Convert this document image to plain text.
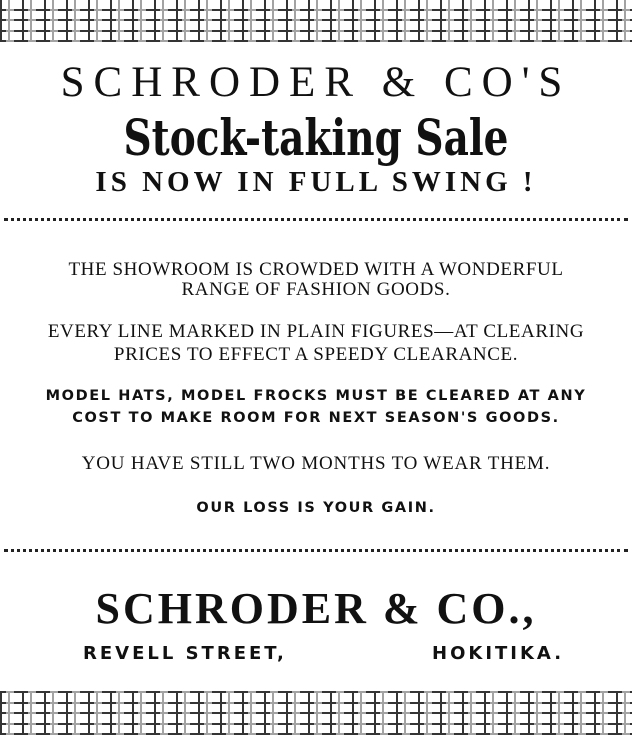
SCHRODER & CO'S
Stock-taking Sale
IS NOW IN FULL SWING !
THE SHOWROOM IS CROWDED WITH A WONDERFUL
RANGE OF FASHION GOODS.
EVERY LINE MARKED IN PLAIN FIGURES—AT CLEARING
PRICES TO EFFECT A SPEEDY CLEARANCE.
MODEL HATS, MODEL FROCKS MUST BE CLEARED AT ANY
COST TO MAKE ROOM FOR NEXT SEASON'S GOODS.
YOU HAVE STILL TWO MONTHS TO WEAR THEM.
OUR LOSS IS YOUR GAIN.
SCHRODER & CO.,
REVELL STREET,	HOKITIKA.
